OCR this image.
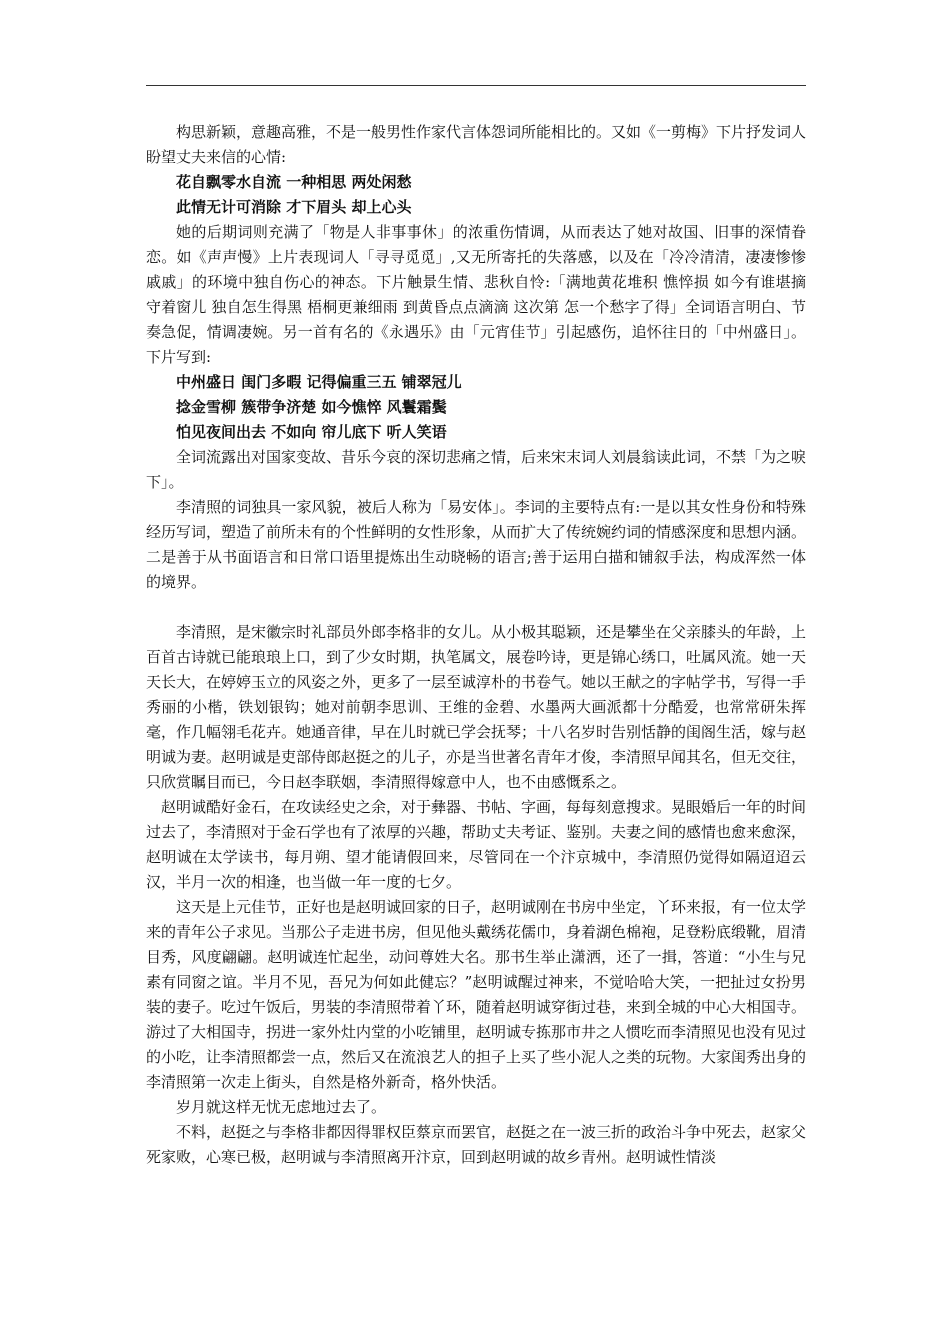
构思新颖，意趣高雅，不是一般男性作家代言体怨词所能相比的。又如《一剪梅》下片抒发词人盼望丈夫来信的心情:

花自飘零水自流 一种相思 两处闲愁

此情无计可消除 才下眉头 却上心头

她的后期词则充满了「物是人非事事休」的浓重伤情调，从而表达了她对故国、旧事的深情眷恋。如《声声慢》上片表现词人「寻寻觅觅」,又无所寄托的失落感，以及在「冷冷清清，凄凄惨惨戚戚」的环境中独自伤心的神态。下片触景生情、悲秋自怜:「满地黄花堆积 憔悴损 如今有谁堪摘 守着窗儿 独自怎生得黑 梧桐更兼细雨 到黄昏点点滴滴 这次第 怎一个愁字了得」全词语言明白、节奏急促，情调凄婉。另一首有名的《永遇乐》由「元宵佳节」引起感伤，追怀往日的「中州盛日」。下片写到:

中州盛日 闺门多暇 记得偏重三五 铺翠冠儿

捻金雪柳 簇带争济楚 如今憔悴 风鬟霜鬓

怕见夜间出去 不如向 帘儿底下 听人笑语

全词流露出对国家变故、昔乐今哀的深切悲痛之情，后来宋末词人刘晨翁读此词，不禁「为之唳下」。

李清照的词独具一家风貌，被后人称为「易安体」。李词的主要特点有:一是以其女性身份和特殊经历写词，塑造了前所未有的个性鲜明的女性形象，从而扩大了传统婉约词的情感深度和思想内涵。二是善于从书面语言和日常口语里提炼出生动晓畅的语言;善于运用白描和铺叙手法，构成浑然一体的境界。

李清照，是宋徽宗时礼部员外郎李格非的女儿。从小极其聪颖，还是攀坐在父亲膝头的年龄，上百首古诗就已能琅琅上口，到了少女时期，执笔属文，展卷吟诗，更是锦心绣口，吐属风流。她一天天长大，在婷婷玉立的风姿之外，更多了一层至诚淳朴的书卷气。她以王献之的字帖学书，写得一手秀丽的小楷，铁划银钩；她对前朝李思训、王维的金碧、水墨两大画派都十分酷爱，也常常研朱挥毫，作几幅翎毛花卉。她通音律，早在儿时就已学会抚琴；十八名岁时告别恬静的闺阁生活，嫁与赵明诚为妻。赵明诚是吏部侍郎赵挺之的儿子，亦是当世著名青年才俊，李清照早闻其名，但无交往，只欣赏瞩目而已，今日赵李联姻，李清照得嫁意中人，也不由感慨系之。

赵明诚酷好金石，在攻读经史之余，对于彝器、书帖、字画，每每刻意搜求。晃眼婚后一年的时间过去了，李清照对于金石学也有了浓厚的兴趣，帮助丈夫考证、鉴别。夫妻之间的感情也愈来愈深，赵明诚在太学读书，每月朔、望才能请假回来，尽管同在一个汴京城中，李清照仍觉得如隔迢迢云汉，半月一次的相逢，也当做一年一度的七夕。

这天是上元佳节，正好也是赵明诚回家的日子，赵明诚刚在书房中坐定，丫环来报，有一位太学来的青年公子求见。当那公子走进书房，但见他头戴绣花儒巾，身着湖色棉袍，足登粉底缎靴，眉清目秀，风度翩翩。赵明诚连忙起坐，动问尊姓大名。那书生举止潇洒，还了一揖，答道：“小生与兄素有同窗之谊。半月不见，吾兄为何如此健忘？”赵明诚醒过神来，不觉哈哈大笑，一把扯过女扮男装的妻子。吃过午饭后，男装的李清照带着丫环，随着赵明诚穿街过巷，来到全城的中心大相国寺。游过了大相国寺，拐进一家外灶内堂的小吃铺里，赵明诚专拣那市井之人惯吃而李清照见也没有见过的小吃，让李清照都尝一点，然后又在流浪艺人的担子上买了些小泥人之类的玩物。大家闺秀出身的李清照第一次走上街头，自然是格外新奇，格外快活。

岁月就这样无忧无虑地过去了。

不料，赵挺之与李格非都因得罪权臣蔡京而罢官，赵挺之在一波三折的政治斗争中死去，赵家父死家败，心寒已极，赵明诚与李清照离开汴京，回到赵明诚的故乡青州。赵明诚性情淡
